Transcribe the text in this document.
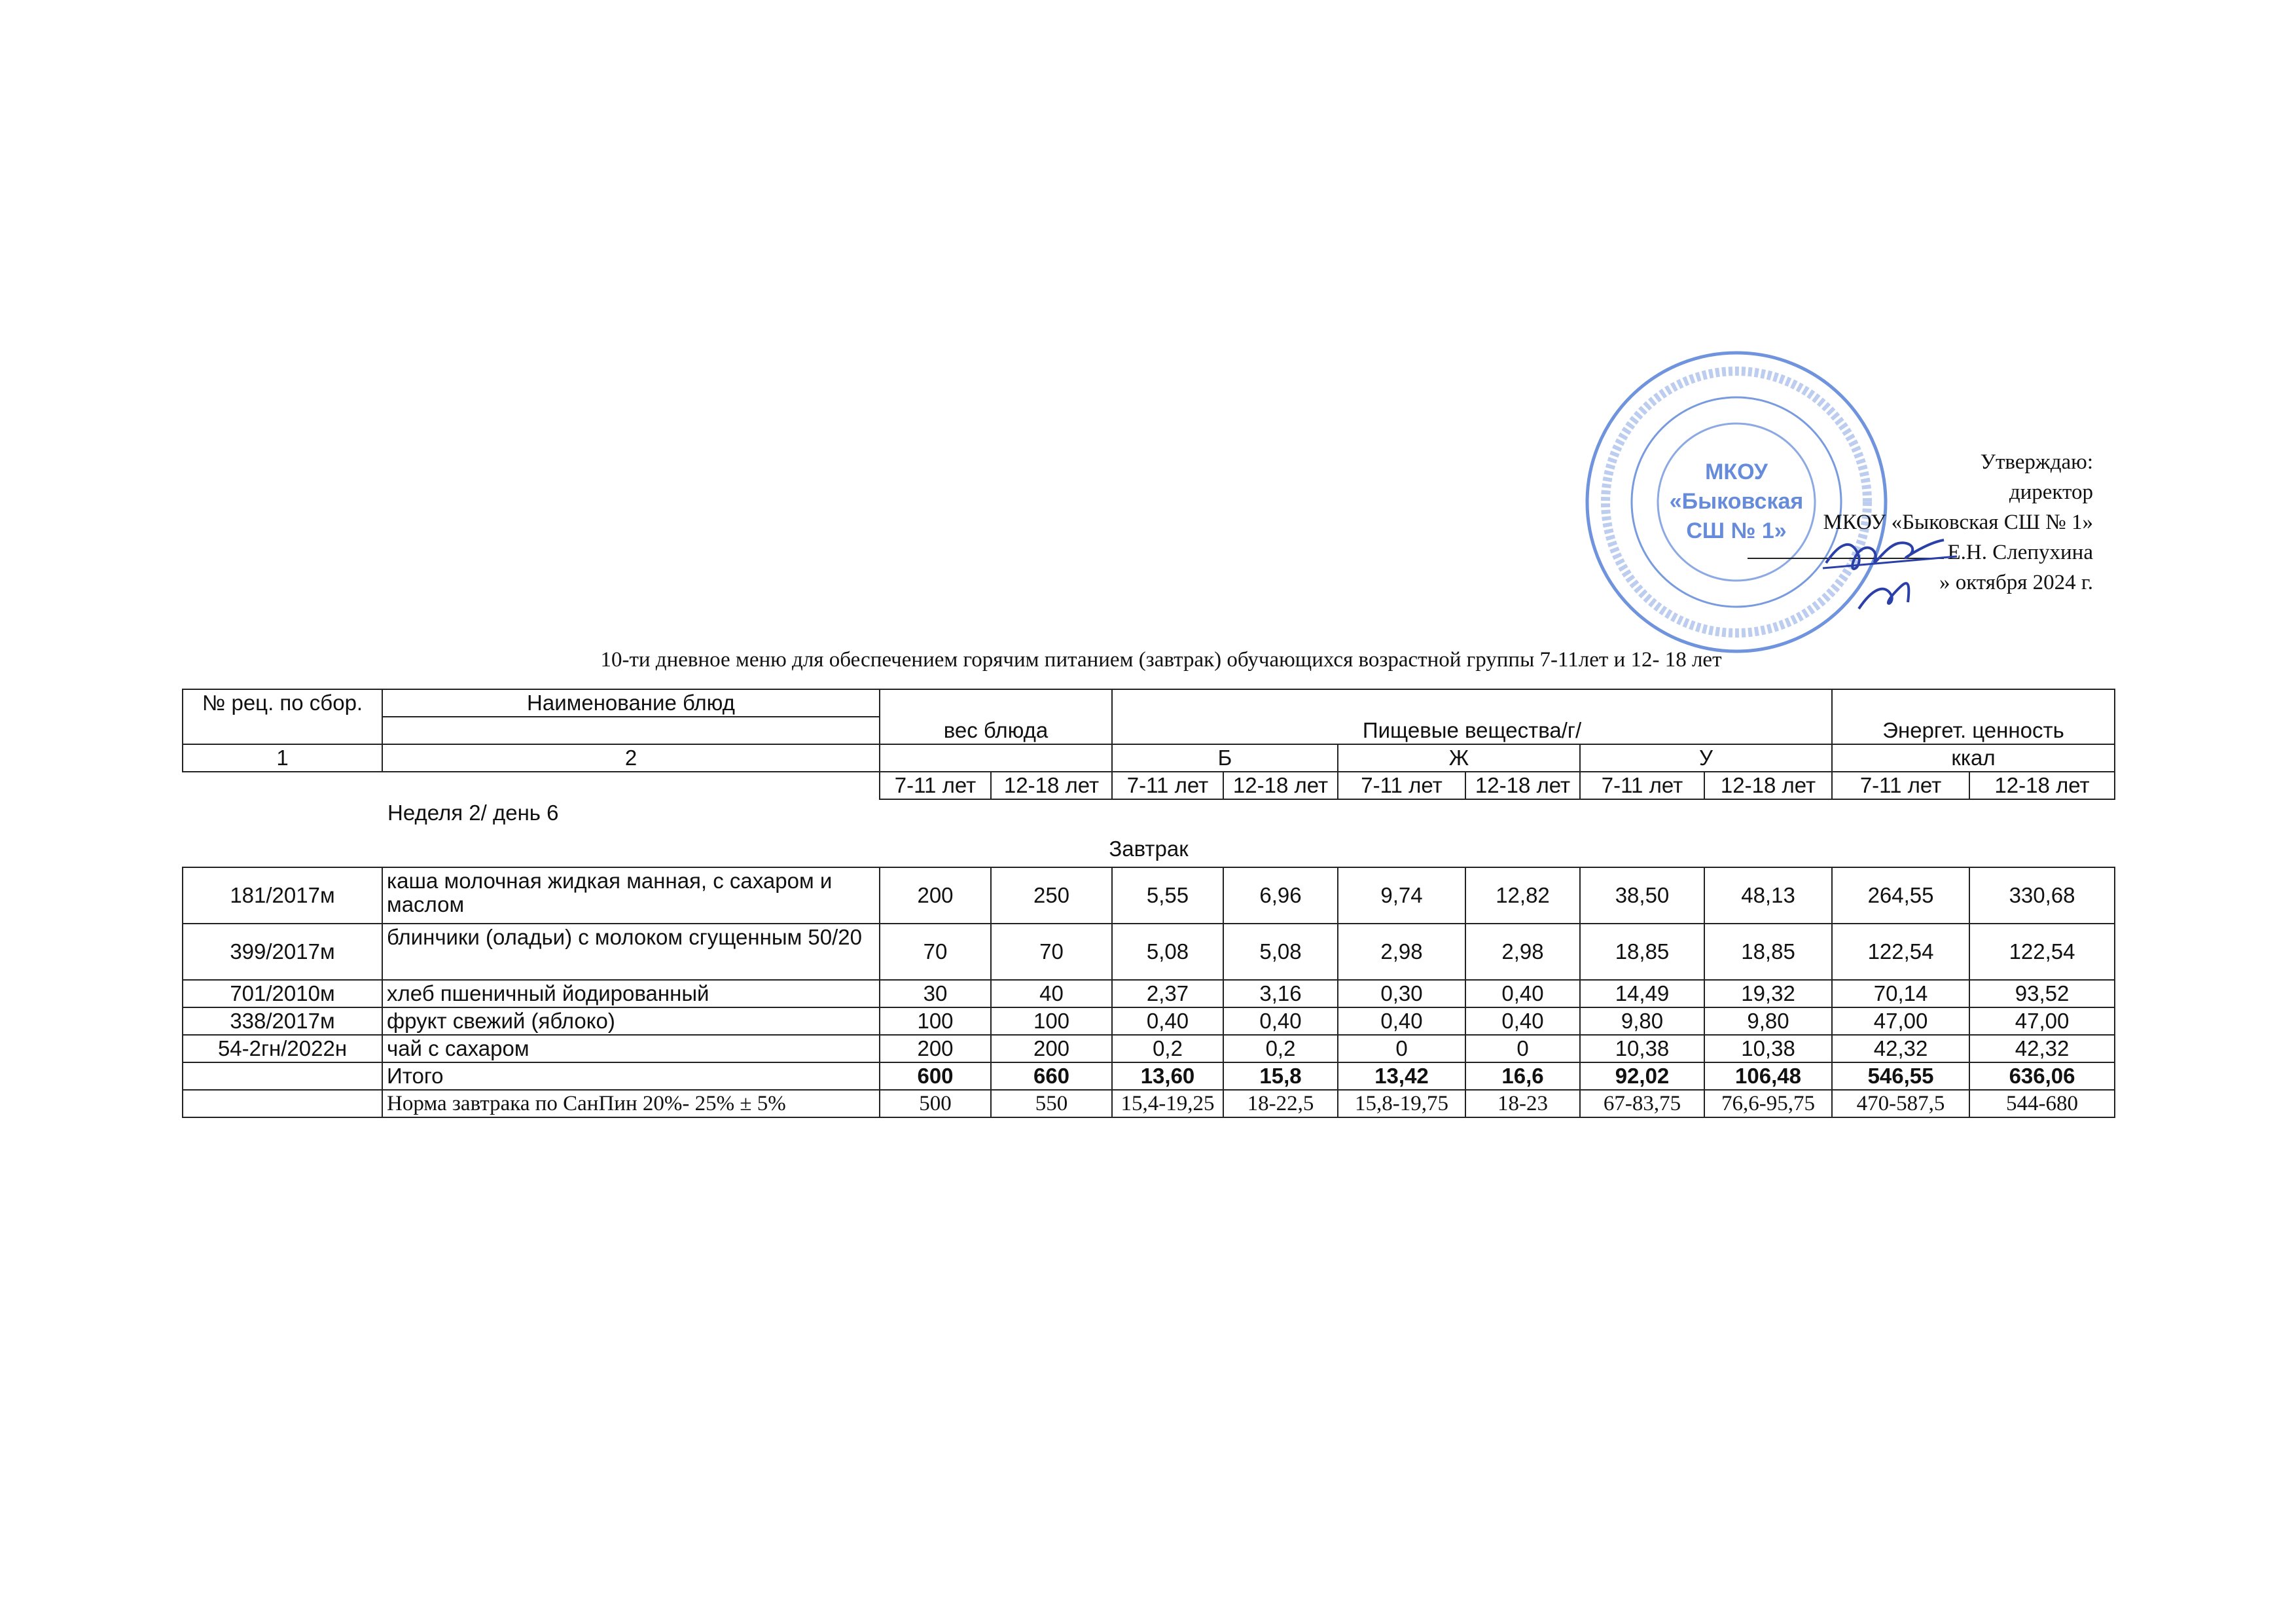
МКОУ
«Быковская
СШ № 1»
Утверждаю:
директор
МКОУ «Быковская СШ № 1»
Е.Н. Слепухина
» октября 2024 г.
10-ти дневное меню для обеспечением горячим питанием (завтрак) обучающихся возрастной группы 7-11лет и 12- 18 лет
№ рец. по сбор.	Наименование блюд	вес блюда									
				Пищевые вещества/г/						Энергет. ценность	
1	2			Б		Ж		У		ккал	
		7-11 лет	12-18 лет	7-11 лет	12-18 лет	7-11 лет	12-18 лет	7-11 лет	12-18 лет	7-11 лет	12-18 лет
	Неделя 2/ день 6										
Завтрак											
181/2017м	каша молочная жидкая манная, с сахаром и маслом	200	250	5,55	6,96	9,74	12,82	38,50	48,13	264,55	330,68
399/2017м	блинчики (оладьи) с молоком сгущенным 50/20	70	70	5,08	5,08	2,98	2,98	18,85	18,85	122,54	122,54
701/2010м	хлеб пшеничный йодированный	30	40	2,37	3,16	0,30	0,40	14,49	19,32	70,14	93,52
338/2017м	фрукт свежий (яблоко)	100	100	0,40	0,40	0,40	0,40	9,80	9,80	47,00	47,00
54-2гн/2022н	чай с сахаром	200	200	0,2	0,2	0	0	10,38	10,38	42,32	42,32
	Итого	600	660	13,60	15,8	13,42	16,6	92,02	106,48	546,55	636,06
	Норма завтрака по СанПин 20%- 25% ± 5%	500	550	15,4-19,25	18-22,5	15,8-19,75	18-23	67-83,75	76,6-95,75	470-587,5	544-680
